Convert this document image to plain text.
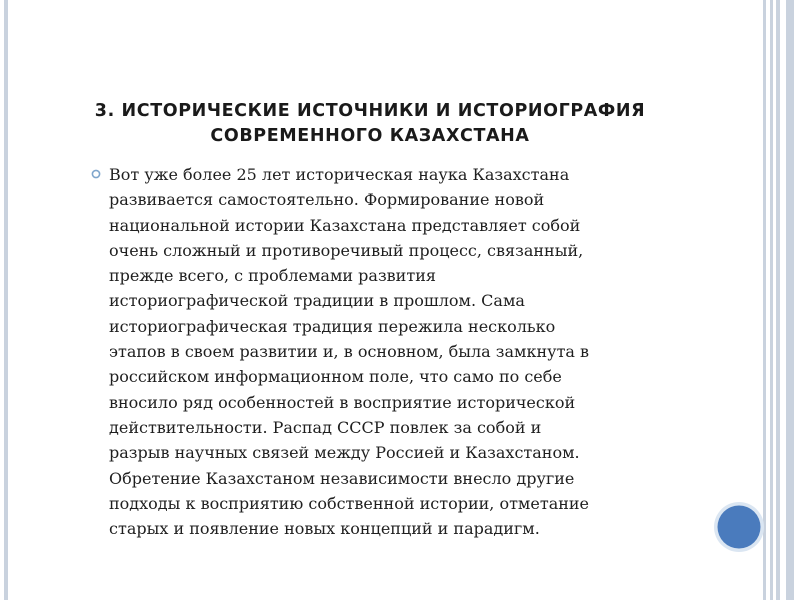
3. ИСТОРИЧЕСКИЕ ИСТОЧНИКИ И ИСТОРИОГРАФИЯ
СОВРЕМЕННОГО КАЗАХСТАНА
Вот уже более 25 лет историческая наука Казахстана
развивается самостоятельно. Формирование новой
национальной истории Казахстана представляет собой
очень сложный и противоречивый процесс, связанный,
прежде всего, с проблемами развития
историографической традиции в прошлом. Сама
историографическая традиция пережила несколько
этапов в своем развитии и, в основном, была замкнута в
российском информационном поле, что само по себе
вносило ряд особенностей в восприятие исторической
действительности. Распад СССР повлек за собой и
разрыв научных связей между Россией и Казахстаном.
Обретение Казахстаном независимости внесло другие
подходы к восприятию собственной истории, отметание
старых и появление новых концепций и парадигм.
